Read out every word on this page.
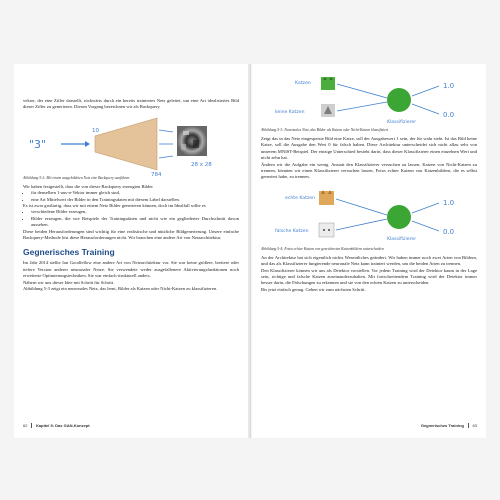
vektor, der eine Ziffer darstellt, rückwärts durch ein bereits trainiertes Netz geleitet, um eine Art idealisiertes Bild dieser Ziffer zu generieren. Diesen Vorgang bezeichnen wir als Backquery.

"3"
10
784
28 x 28

Abbildung 5-2: Mit einem ausgebildeten Netz eine Backquery ausführen

Wir haben festgestellt, dass die von dieser Backquery erzeugten Bilder

• für denselben 1-aus-n-Vektor immer gleich sind,
• eine Art Mittelwert der Bilder in den Trainingsdaten mit diesem Label darstellen.

Es ist zwar großartig, dass wir mit einem Netz Bilder generieren können, doch im Idealfall sollte es

• verschiedene Bilder erzeugen,
• Bilder erzeugen, die wie Beispiele der Trainingsdaten und nicht wie ein gegliederter Durchschnitt davon aussehen.

Diese beiden Herausforderungen sind wichtig für eine realistische und nützliche Bildgenerierung. Unsere einfache Backquery-Methode löst diese Herausforderungen nicht. Wir brauchen eine andere Art von Netzarchitektur.

Gegnerisches Training

Im Jahr 2014 stellte Ian Goodfellow eine andere Art von Netzarchitektur vor. Sie war keine größere, breitere oder tiefere Version anderer neuronaler Netze. Sie verwendete weder ausgefallenere Aktivierungsfunktionen noch erweiterte Optimierungstechniken. Sie war einfach strukturell anders.

Nähern wir uns dieser Idee mit Schritt für Schritt.

Abbildung 5-3 zeigt ein neuronales Netz, das lernt, Bilder als Katzen oder Nicht-Katzen zu klassifizieren.

62 Kapitel 5: Das GAN-Konzept
Katzen
keine Katzen
Klassifizierer
1.0
0.0

Abbildung 5-3: Neuronales Netz, das Bilder als Katzen oder Nicht-Katzen klassifiziert

Zeigt das in das Netz eingespeiste Bild eine Katze, soll der Ausgabewert 1 sein, der für wahr steht. Ist das Bild keine Katze, soll die Ausgabe den Wert 0 für falsch haben. Diese Architektur unterscheidet sich nicht allzu sehr von unserem MNIST-Beispiel. Der einzige Unterschied besteht darin, dass dieser Klassifizierer einen einzelnen Wert und nicht zehn hat.

Ändern wir die Aufgabe ein wenig. Anstatt den Klassifizierer versuchen zu lassen, Katzen von Nicht-Katzen zu trennen, könnten wir einen Klassifizierer versuchen lassen, Fotos echter Katzen von Katzenbildern, die es selbst generiert habe, zu trennen.

echte Katzen
falsche Katzen
Klassifizierer
1.0
0.0

Abbildung 5-4: Fotos echter Katzen von gezeichneten Katzenbildern unterscheiden

An der Architektur hat sich eigentlich nichts Wesentliches geändert. Wir haben immer noch zwei Arten von Bildern, und das als Klassifizierer fungierende neuronale Netz kann trainiert werden, um die beiden Arten zu trennen.

Den Klassifizierer können wir uns als Detektor vorstellen. Vor jedem Training wird der Detektor kaum in der Lage sein, richtige und falsche Katzen auseinanderzuhalten. Mit fortschreitendem Training wird der Detektor immer besser darin, die Fälschungen zu erkennen und sie von den echten Katzen zu unterscheiden.

Bis jetzt einfach genug. Gehen wir zum nächsten Schritt.

Gegnerisches Training 63
